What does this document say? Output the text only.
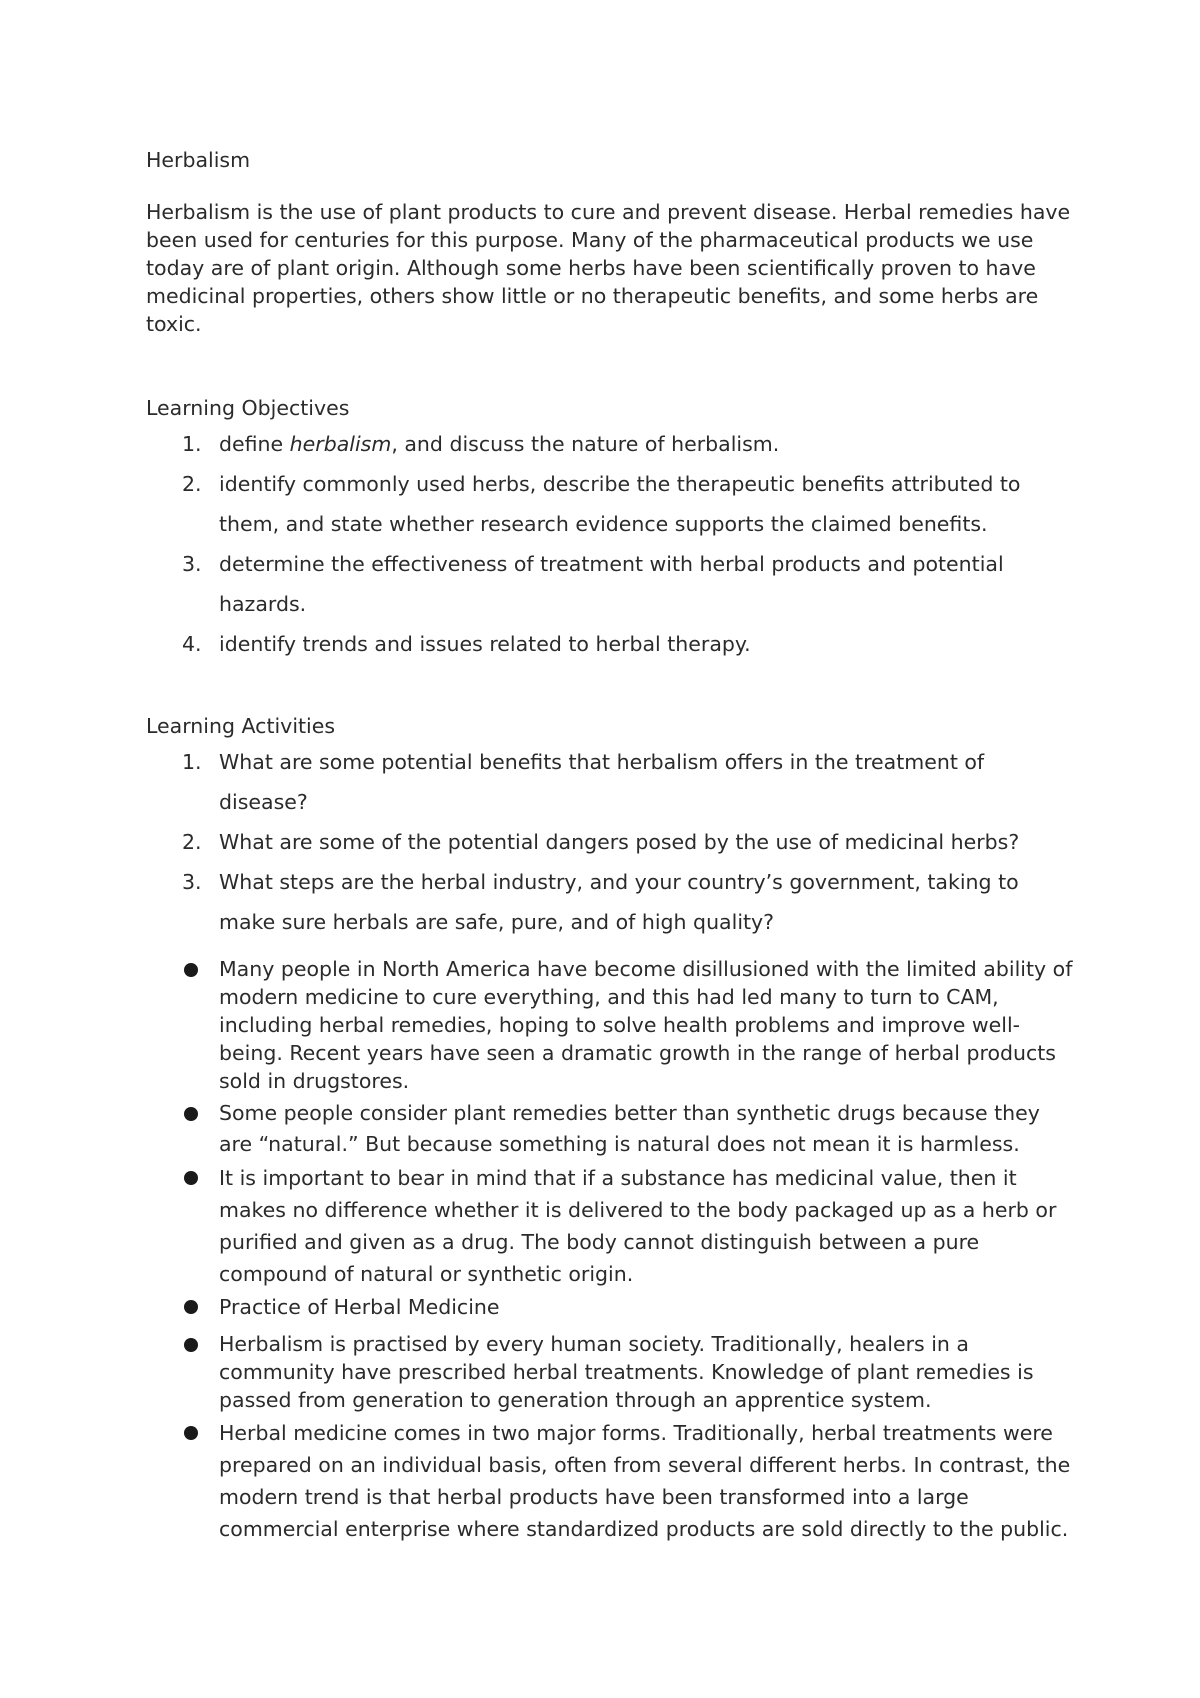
Herbalism

Herbalism is the use of plant products to cure and prevent disease. Herbal remedies have been used for centuries for this purpose. Many of the pharmaceutical products we use today are of plant origin. Although some herbs have been scientifically proven to have medicinal properties, others show little or no therapeutic benefits, and some herbs are toxic.

Learning Objectives
1. define herbalism, and discuss the nature of herbalism.
2. identify commonly used herbs, describe the therapeutic benefits attributed to them, and state whether research evidence supports the claimed benefits.
3. determine the effectiveness of treatment with herbal products and potential hazards.
4. identify trends and issues related to herbal therapy.
Learning Activities
1. What are some potential benefits that herbalism offers in the treatment of disease?
2. What are some of the potential dangers posed by the use of medicinal herbs?
3. What steps are the herbal industry, and your country’s government, taking to make sure herbals are safe, pure, and of high quality?
Many people in North America have become disillusioned with the limited ability of modern medicine to cure everything, and this had led many to turn to CAM, including herbal remedies, hoping to solve health problems and improve well-being. Recent years have seen a dramatic growth in the range of herbal products sold in drugstores.
Some people consider plant remedies better than synthetic drugs because they are “natural.” But because something is natural does not mean it is harmless.
It is important to bear in mind that if a substance has medicinal value, then it makes no difference whether it is delivered to the body packaged up as a herb or purified and given as a drug. The body cannot distinguish between a pure compound of natural or synthetic origin.
Practice of Herbal Medicine
Herbalism is practised by every human society. Traditionally, healers in a community have prescribed herbal treatments. Knowledge of plant remedies is passed from generation to generation through an apprentice system.
Herbal medicine comes in two major forms. Traditionally, herbal treatments were prepared on an individual basis, often from several different herbs. In contrast, the modern trend is that herbal products have been transformed into a large commercial enterprise where standardized products are sold directly to the public.
